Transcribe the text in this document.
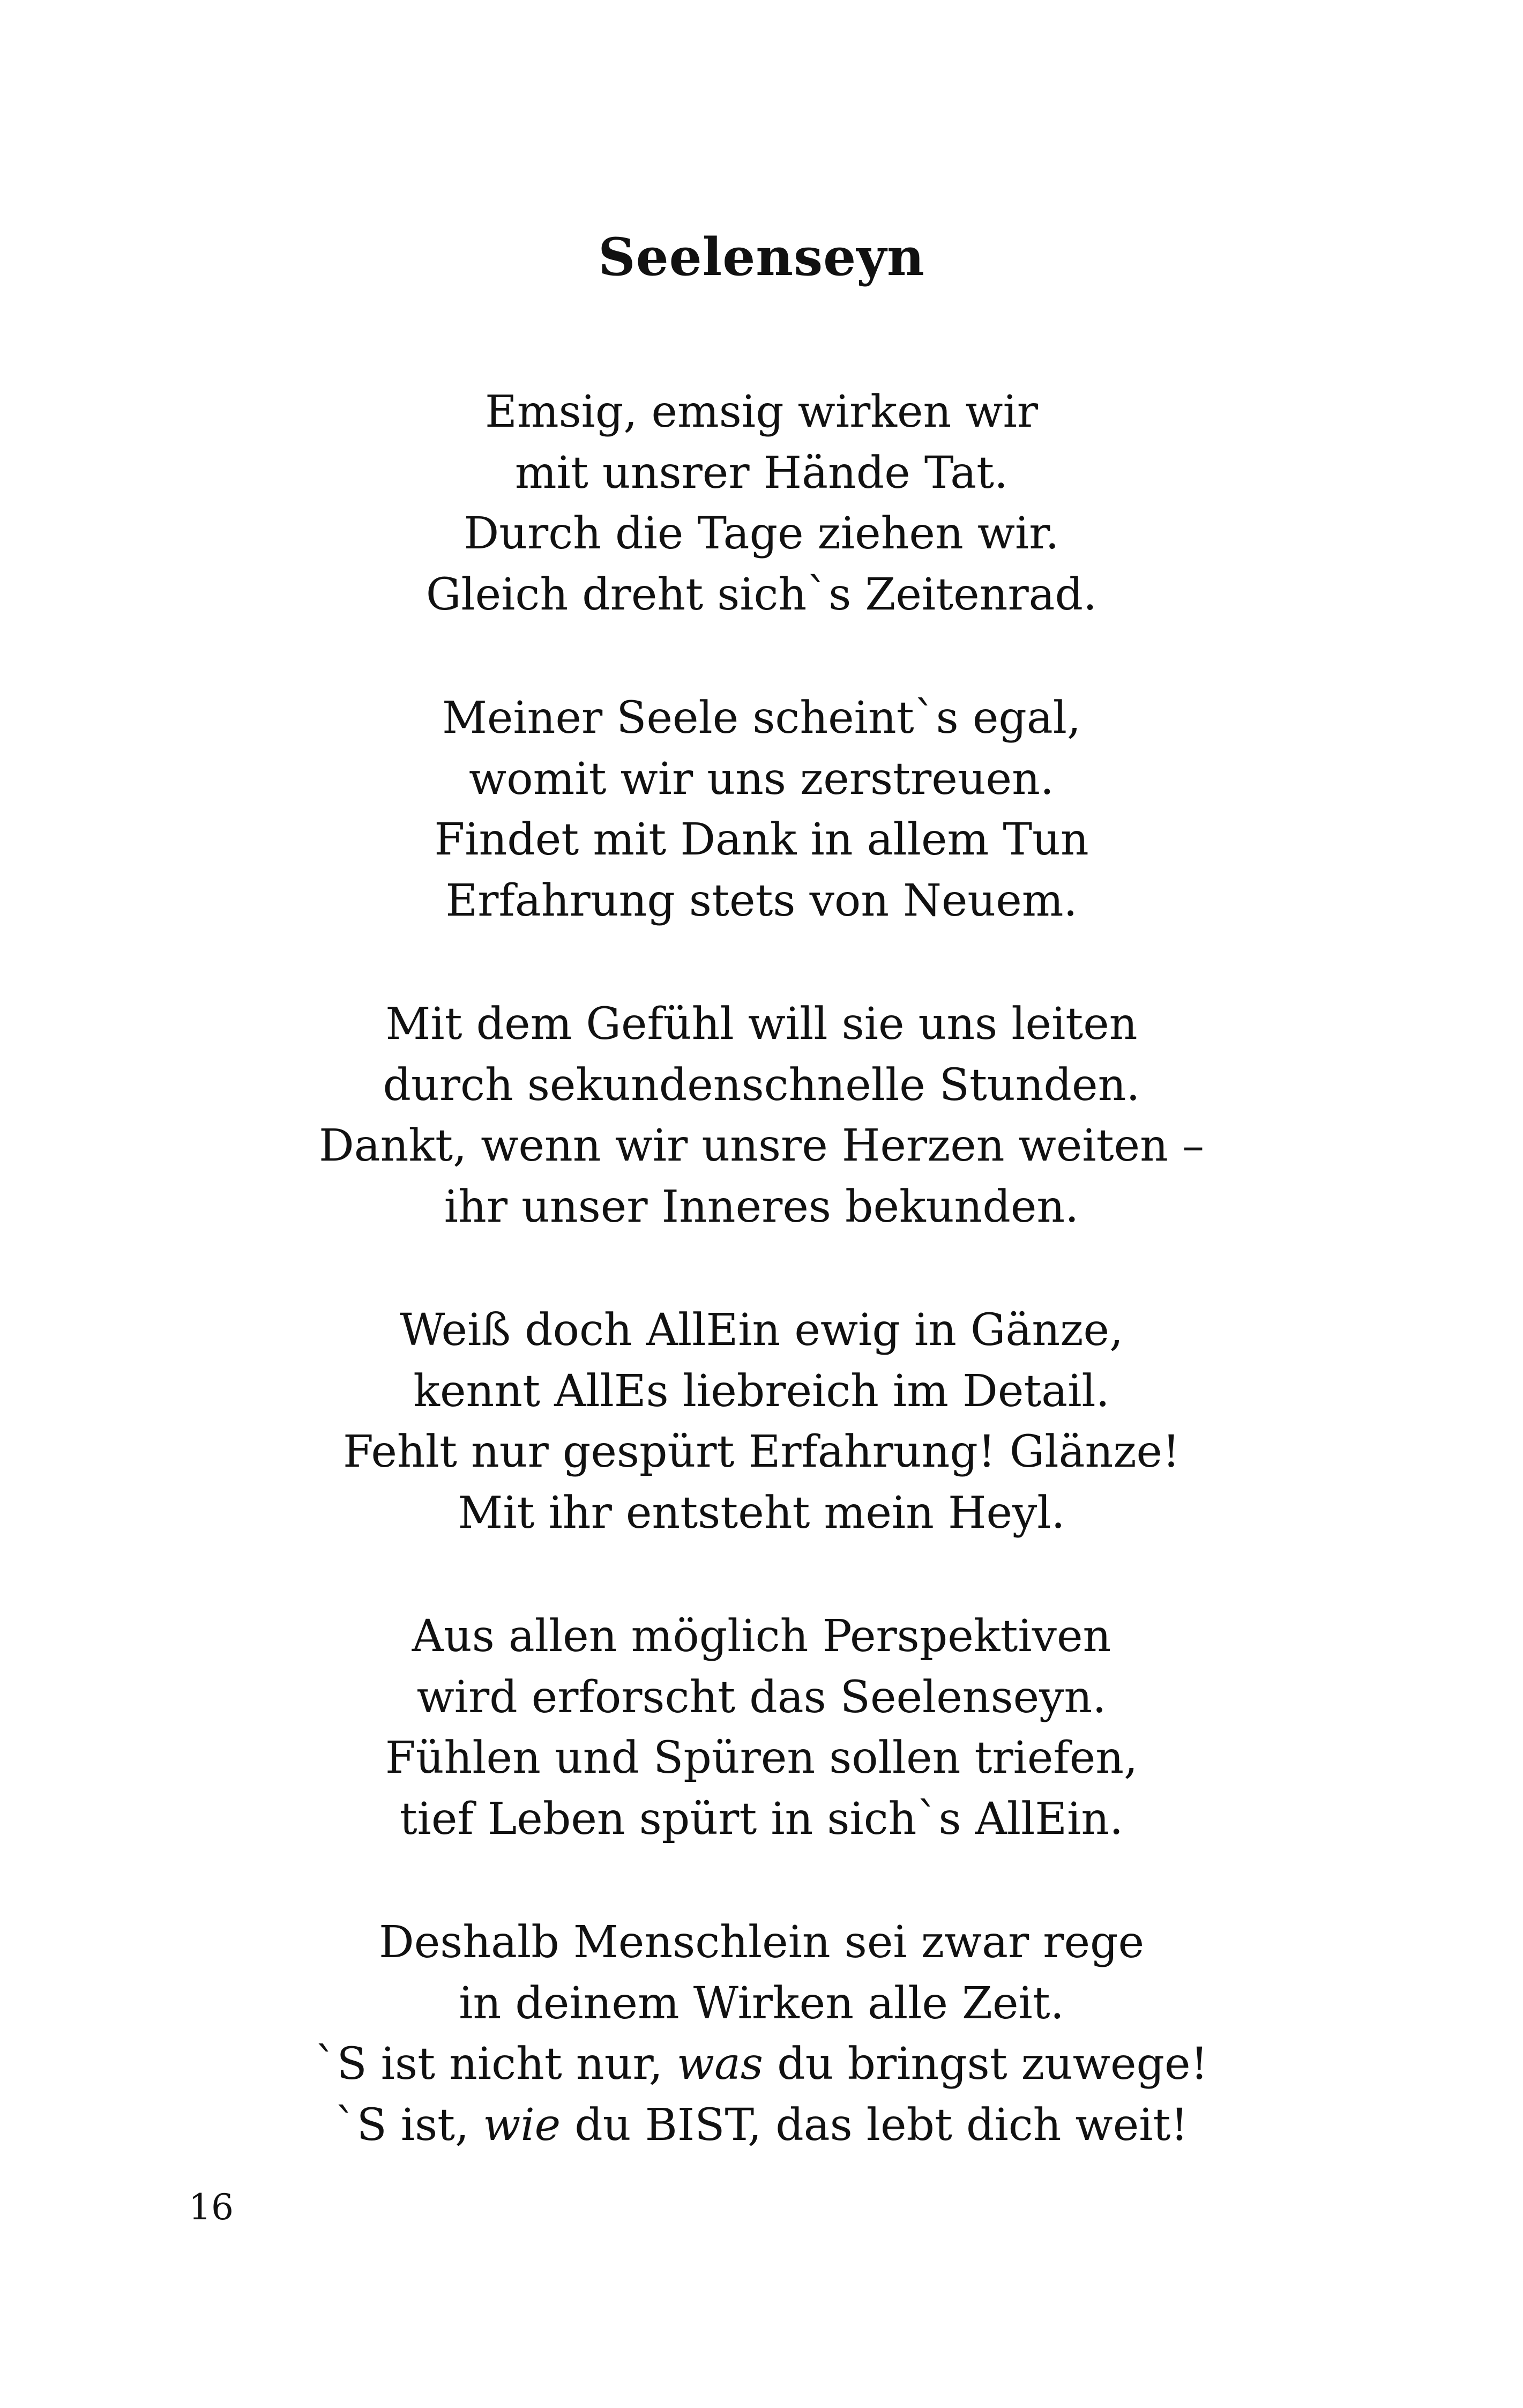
Seelenseyn
Emsig, emsig wirken wir
mit unsrer Hände Tat.
Durch die Tage ziehen wir.
Gleich dreht sich`s Zeitenrad.
Meiner Seele scheint`s egal,
womit wir uns zerstreuen.
Findet mit Dank in allem Tun
Erfahrung stets von Neuem.
Mit dem Gefühl will sie uns leiten
durch sekundenschnelle Stunden.
Dankt, wenn wir unsre Herzen weiten –
ihr unser Inneres bekunden.
Weiß doch AllEin ewig in Gänze,
kennt AllEs liebreich im Detail.
Fehlt nur gespürt Erfahrung! Glänze!
Mit ihr entsteht mein Heyl.
Aus allen möglich Perspektiven
wird erforscht das Seelenseyn.
Fühlen und Spüren sollen triefen,
tief Leben spürt in sich`s AllEin.
Deshalb Menschlein sei zwar rege
in deinem Wirken alle Zeit.
`S ist nicht nur, was du bringst zuwege!
`S ist, wie du BIST, das lebt dich weit!
16
